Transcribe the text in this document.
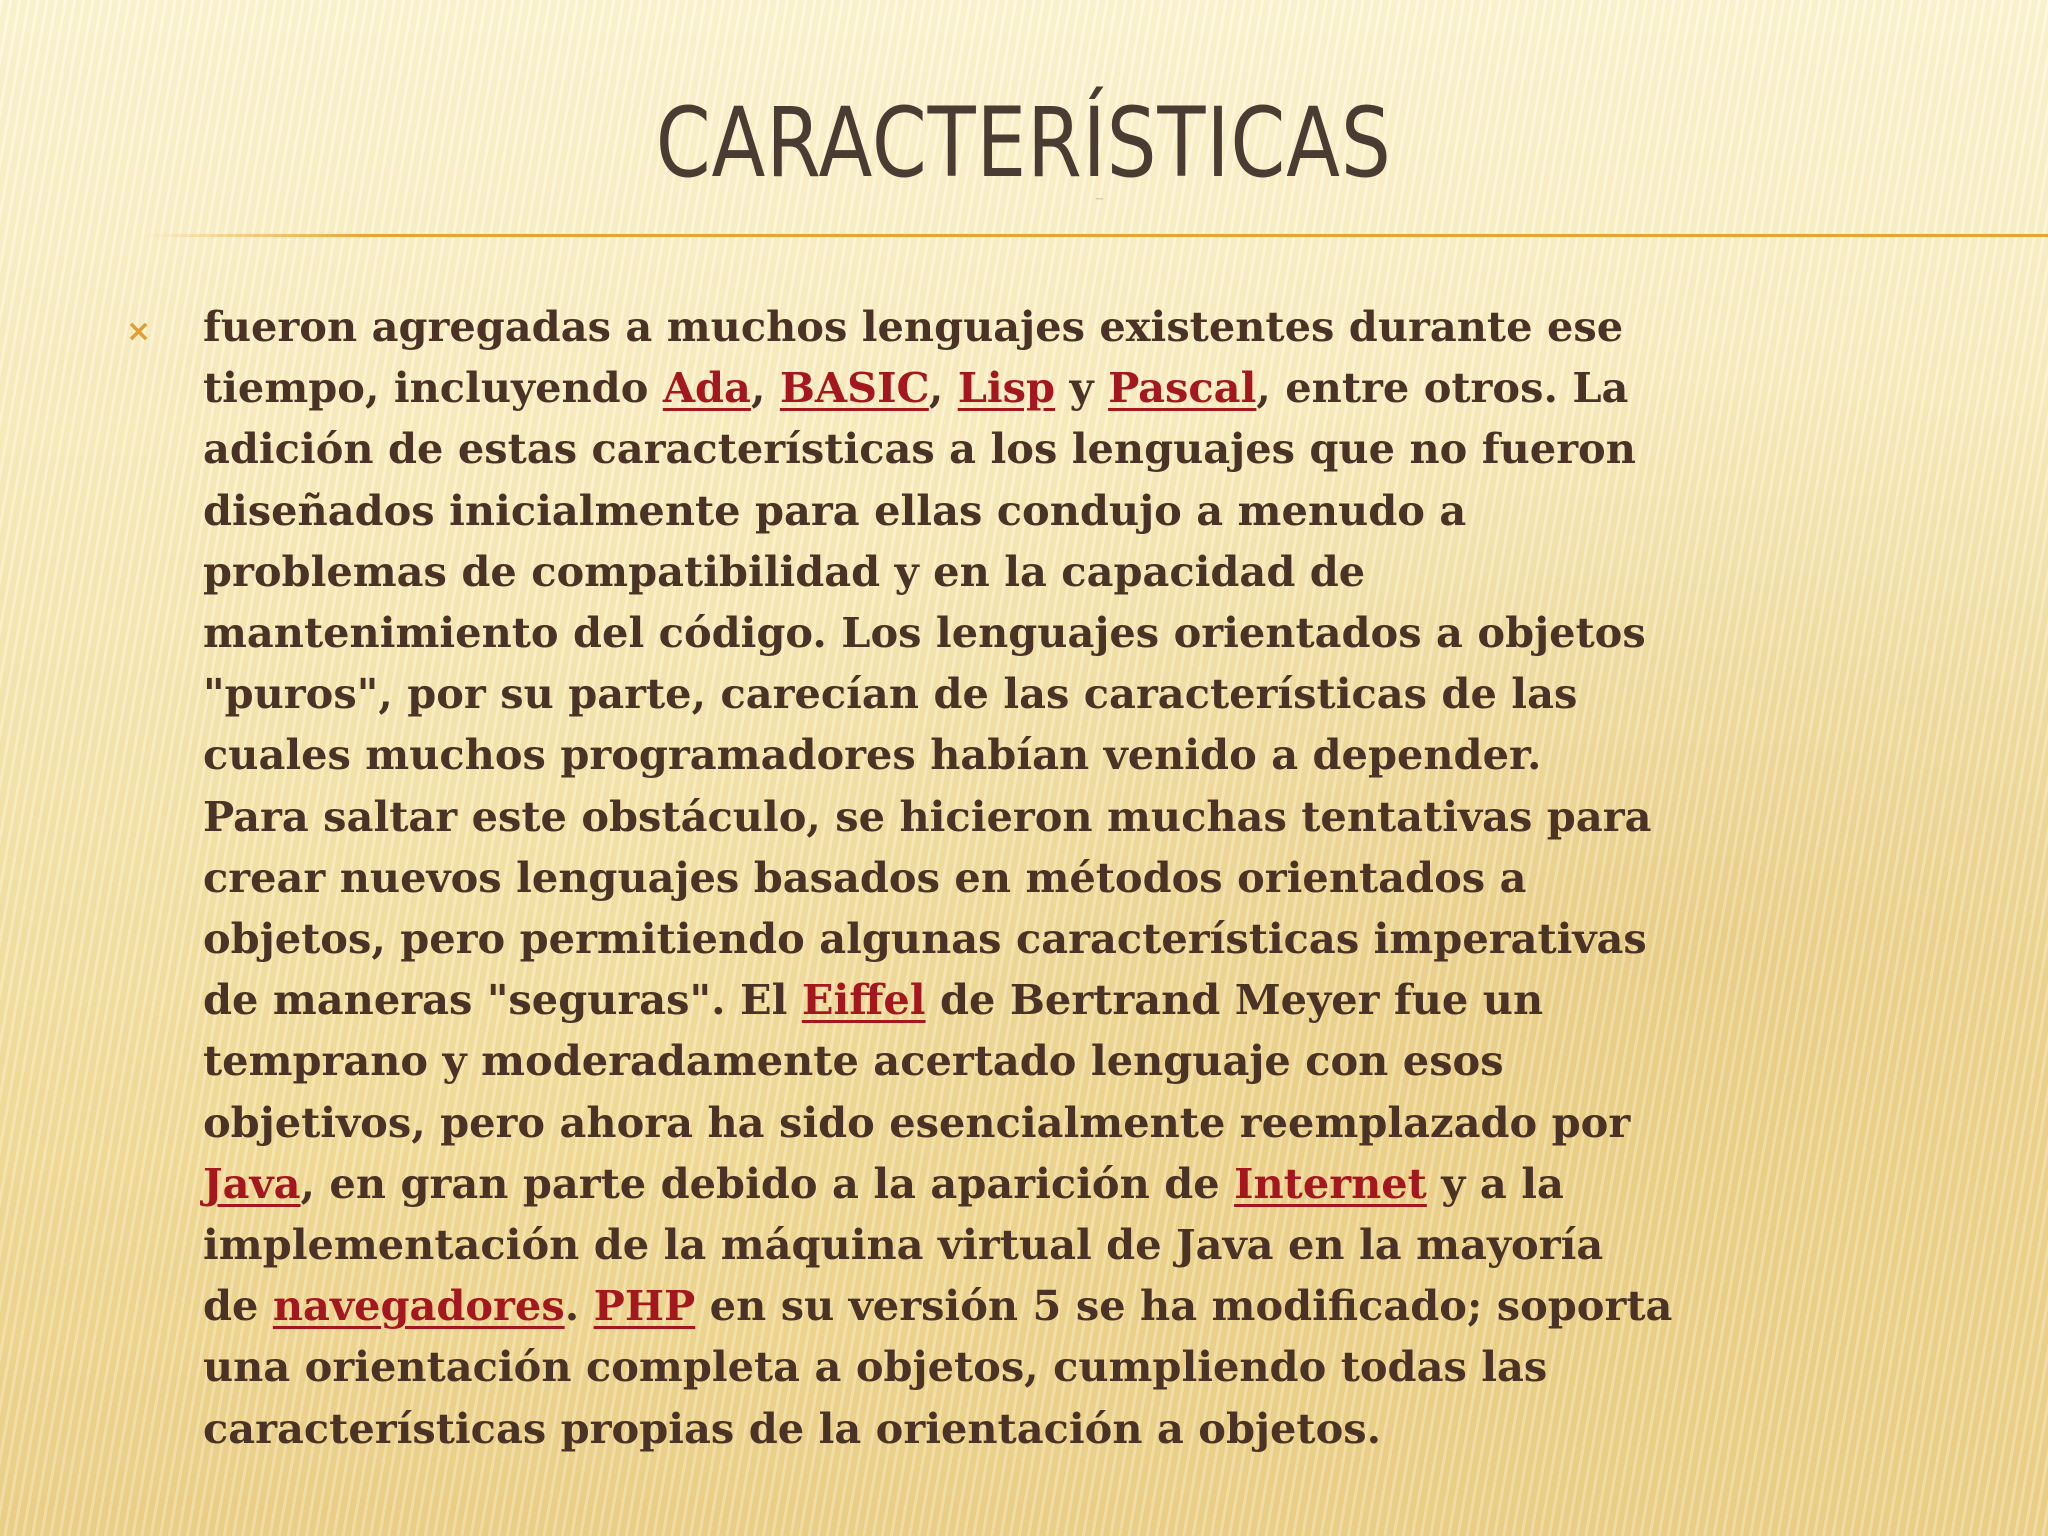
CARACTERÍSTICAS
× fueron agregadas a muchos lenguajes existentes durante ese
tiempo, incluyendo Ada, BASIC, Lisp y Pascal, entre otros. La
adición de estas características a los lenguajes que no fueron
diseñados inicialmente para ellas condujo a menudo a
problemas de compatibilidad y en la capacidad de
mantenimiento del código. Los lenguajes orientados a objetos
"puros", por su parte, carecían de las características de las
cuales muchos programadores habían venido a depender.
Para saltar este obstáculo, se hicieron muchas tentativas para
crear nuevos lenguajes basados en métodos orientados a
objetos, pero permitiendo algunas características imperativas
de maneras "seguras". El Eiffel de Bertrand Meyer fue un
temprano y moderadamente acertado lenguaje con esos
objetivos, pero ahora ha sido esencialmente reemplazado por
Java, en gran parte debido a la aparición de Internet y a la
implementación de la máquina virtual de Java en la mayoría
de navegadores. PHP en su versión 5 se ha modificado; soporta
una orientación completa a objetos, cumpliendo todas las
características propias de la orientación a objetos.
